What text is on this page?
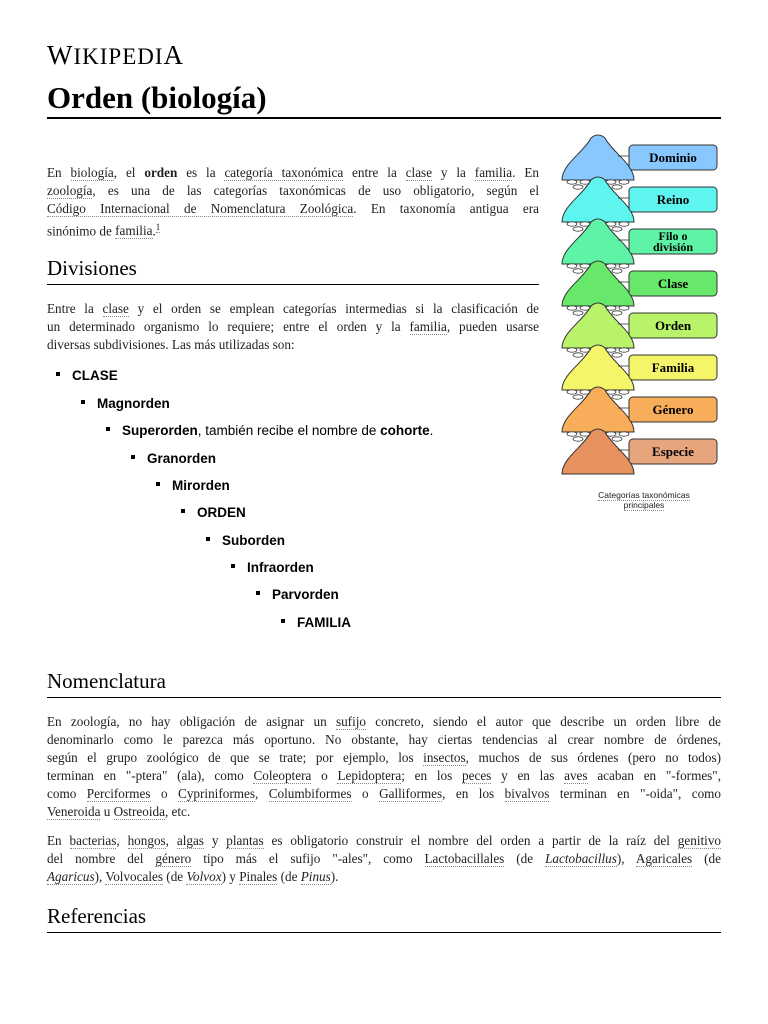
WIKIPEDIA
Orden (biología)
En biología, el orden es la categoría taxonómica entre la clase y la familia. En
zoología, es una de las categorías taxonómicas de uso obligatorio, según el
Código Internacional de Nomenclatura Zoológica. En taxonomía antigua era
sinónimo de familia.$^1$
Divisiones
Entre la clase y el orden se emplean categorías intermedias si la clasificación de
un determinado organismo lo requiere; entre el orden y la familia, pueden usarse
diversas subdivisiones. Las más utilizadas son:
CLASE
Magnorden
Superorden, también recibe el nombre de cohorte.
Granorden
Mirorden
ORDEN
Suborden
Infraorden
Parvorden
FAMILIA
Dominio
Reino
Filo o
división
Clase
Orden
Familia
Género
Especie
Categorías taxonómicas
principales
Nomenclatura
En zoología, no hay obligación de asignar un sufijo concreto, siendo el autor que describe un orden libre de
denominarlo como le parezca más oportuno. No obstante, hay ciertas tendencias al crear nombre de órdenes,
según el grupo zoológico de que se trate; por ejemplo, los insectos, muchos de sus órdenes (pero no todos)
terminan en "-ptera" (ala), como Coleoptera o Lepidoptera; en los peces y en las aves acaban en "-formes",
como Perciformes o Cypriniformes, Columbiformes o Galliformes, en los bivalvos terminan en "-oida", como
Veneroida u Ostreoida, etc.
En bacterias, hongos, algas y plantas es obligatorio construir el nombre del orden a partir de la raíz del genitivo
del nombre del género tipo más el sufijo "-ales", como Lactobacillales (de Lactobacillus), Agaricales (de
Agaricus), Volvocales (de Volvox) y Pinales (de Pinus).
Referencias
